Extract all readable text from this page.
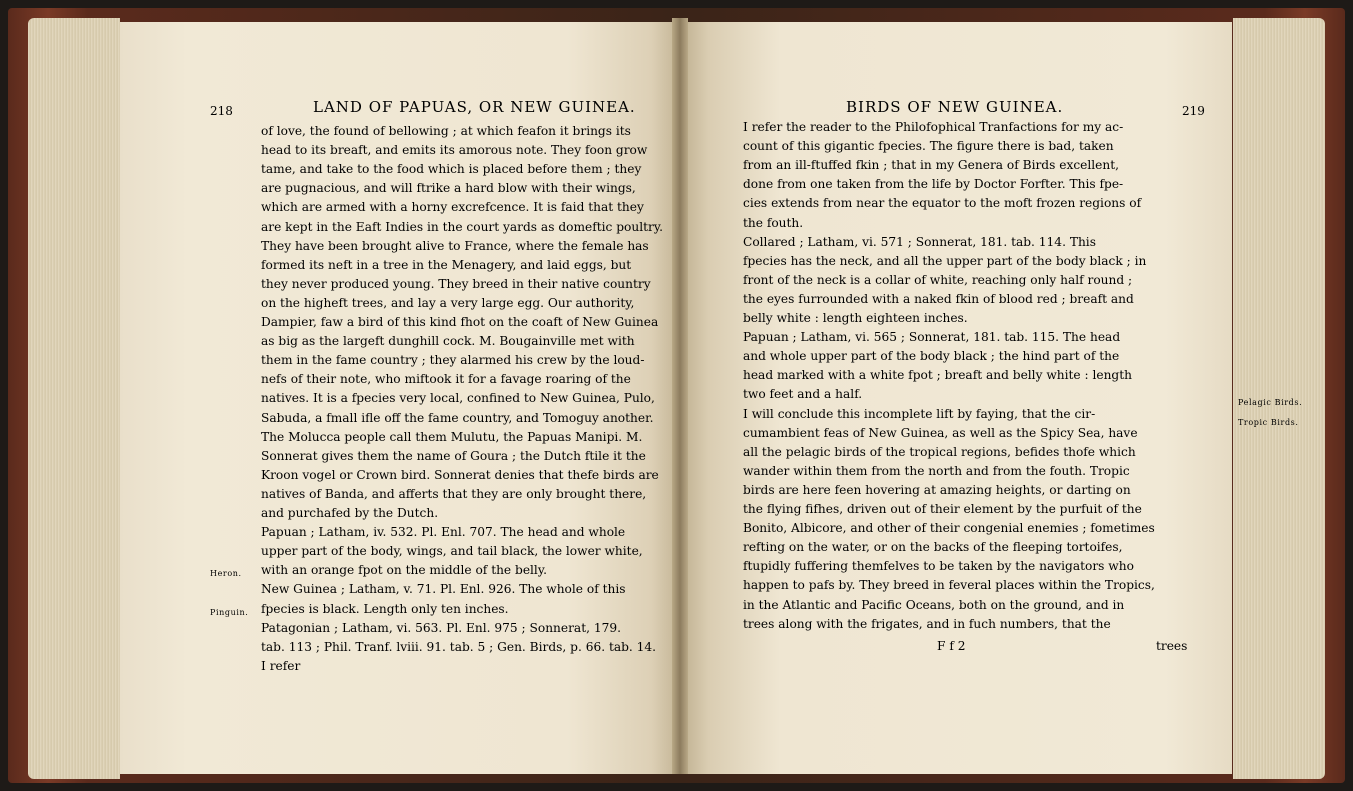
218	LAND OF PAPUAS, OR NEW GUINEA.
of love, the found of bellowing ; at which feafon it brings its
head to its breaft, and emits its amorous note. They foon grow
tame, and take to the food which is placed before them ; they
are pugnacious, and will ftrike a hard blow with their wings,
which are armed with a horny excrefcence. It is faid that they
are kept in the Eaft Indies in the court yards as domeftic poultry.
They have been brought alive to France, where the female has
formed its neft in a tree in the Menagery, and laid eggs, but
they never produced young. They breed in their native country
on the higheft trees, and lay a very large egg. Our authority,
Dampier, faw a bird of this kind fhot on the coaft of New Guinea
as big as the largeft dunghill cock. M. Bougainville met with
them in the fame country ; they alarmed his crew by the loud-
nefs of their note, who miftook it for a favage roaring of the
natives. It is a fpecies very local, confined to New Guinea, Pulo,
Sabuda, a fmall ifle off the fame country, and Tomoguy another.
The Molucca people call them Mulutu, the Papuas Manipi. M.
Sonnerat gives them the name of Goura ; the Dutch ftile it the
Kroon vogel or Crown bird. Sonnerat denies that thefe birds are
natives of Banda, and afferts that they are only brought there,
and purchafed by the Dutch.
Papuan ; Latham, iv. 532. Pl. Enl. 707. The head and whole
upper part of the body, wings, and tail black, the lower white,
with an orange fpot on the middle of the belly.
New Guinea ; Latham, v. 71. Pl. Enl. 926. The whole of this
fpecies is black. Length only ten inches.
Patagonian ; Latham, vi. 563. Pl. Enl. 975 ; Sonnerat, 179.
tab. 113 ; Phil. Tranf. lviii. 91. tab. 5 ; Gen. Birds, p. 66. tab. 14.
I refer
Heron.
Pinguin.
BIRDS OF NEW GUINEA.	219
I refer the reader to the Philofophical Tranfactions for my ac-
count of this gigantic fpecies. The figure there is bad, taken
from an ill-ftuffed fkin ; that in my Genera of Birds excellent,
done from one taken from the life by Doctor Forfter. This fpe-
cies extends from near the equator to the moft frozen regions of
the fouth.
Collared ; Latham, vi. 571 ; Sonnerat, 181. tab. 114. This
fpecies has the neck, and all the upper part of the body black ; in
front of the neck is a collar of white, reaching only half round ;
the eyes furrounded with a naked fkin of blood red ; breaft and
belly white : length eighteen inches.
Papuan ; Latham, vi. 565 ; Sonnerat, 181. tab. 115. The head
and whole upper part of the body black ; the hind part of the
head marked with a white fpot ; breaft and belly white : length
two feet and a half.
I will conclude this incomplete lift by faying, that the cir-
cumambient feas of New Guinea, as well as the Spicy Sea, have
all the pelagic birds of the tropical regions, befides thofe which
wander within them from the north and from the fouth. Tropic
birds are here feen hovering at amazing heights, or darting on
the flying fifhes, driven out of their element by the purfuit of the
Bonito, Albicore, and other of their congenial enemies ; fometimes
refting on the water, or on the backs of the fleeping tortoifes,
ftupidly fuffering themfelves to be taken by the navigators who
happen to pafs by. They breed in feveral places within the Tropics,
in the Atlantic and Pacific Oceans, both on the ground, and in
trees along with the frigates, and in fuch numbers, that the
Pelagic Birds.
Tropic Birds.
F f 2	trees
